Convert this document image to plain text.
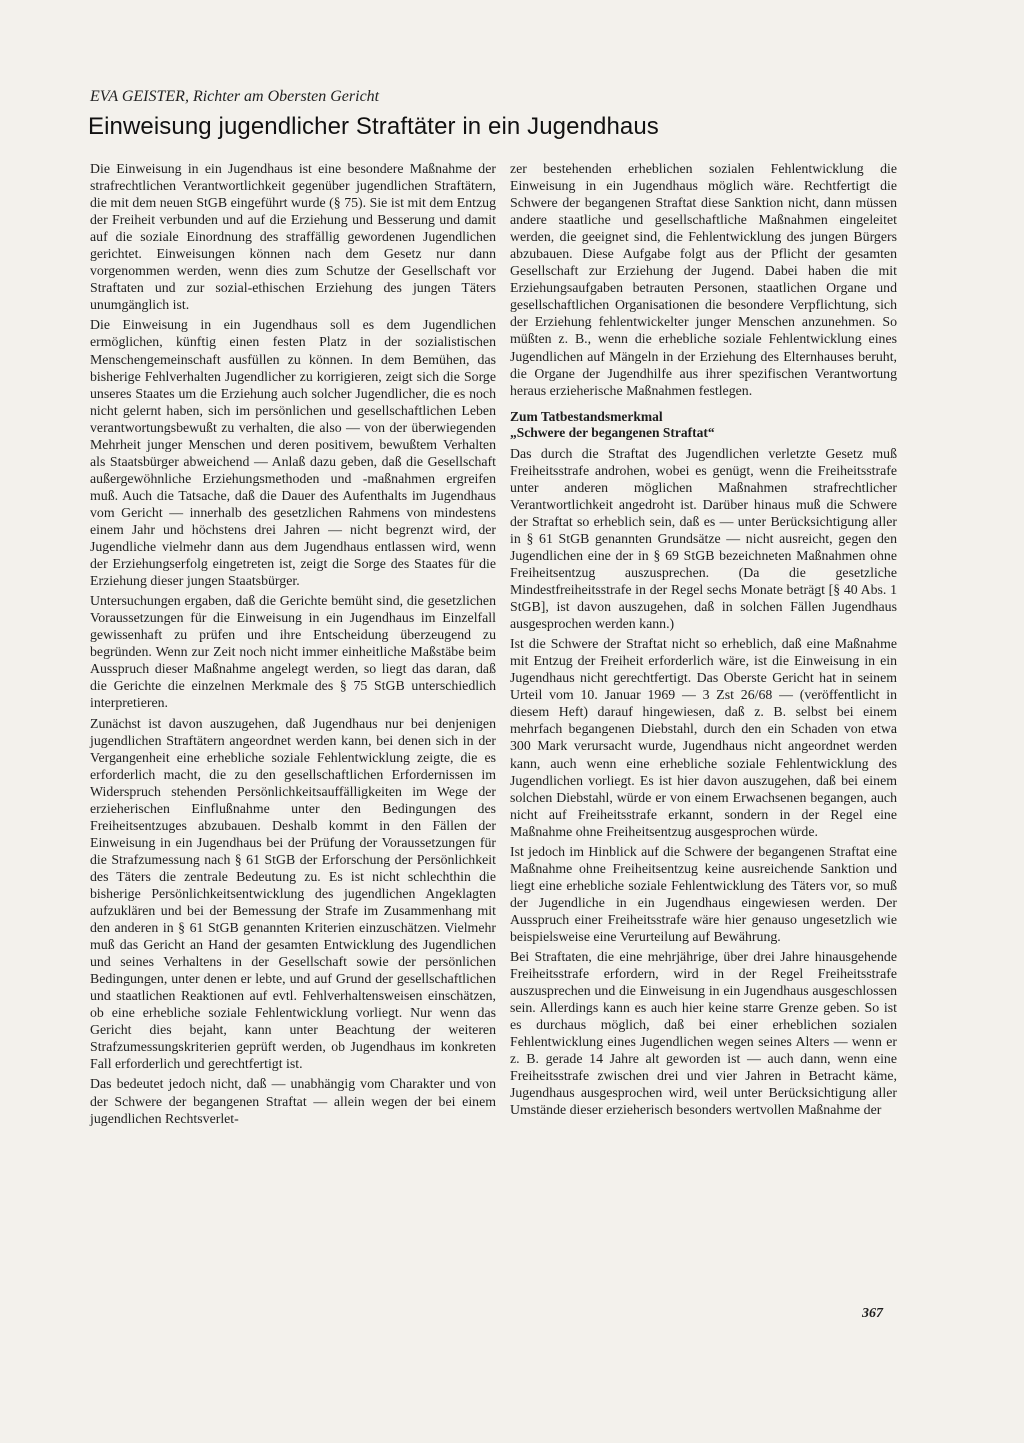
EVA GEISTER, Richter am Obersten Gericht
Einweisung jugendlicher Straftäter in ein Jugendhaus

Die Einweisung in ein Jugendhaus ist eine besondere Maßnahme der strafrechtlichen Verantwortlichkeit gegenüber jugendlichen Straftätern, die mit dem neuen StGB eingeführt wurde (§ 75). Sie ist mit dem Entzug der Freiheit verbunden und auf die Erziehung und Besserung und damit auf die soziale Einordnung des straffällig gewordenen Jugendlichen gerichtet. Einweisungen können nach dem Gesetz nur dann vorgenommen werden, wenn dies zum Schutze der Gesellschaft vor Straftaten und zur sozial-ethischen Erziehung des jungen Täters unumgänglich ist.

Die Einweisung in ein Jugendhaus soll es dem Jugendlichen ermöglichen, künftig einen festen Platz in der sozialistischen Menschengemeinschaft ausfüllen zu können. In dem Bemühen, das bisherige Fehlverhalten Jugendlicher zu korrigieren, zeigt sich die Sorge unseres Staates um die Erziehung auch solcher Jugendlicher, die es noch nicht gelernt haben, sich im persönlichen und gesellschaftlichen Leben verantwortungsbewußt zu verhalten, die also — von der überwiegenden Mehrheit junger Menschen und deren positivem, bewußtem Verhalten als Staatsbürger abweichend — Anlaß dazu geben, daß die Gesellschaft außergewöhnliche Erziehungsmethoden und -maßnahmen ergreifen muß. Auch die Tatsache, daß die Dauer des Aufenthalts im Jugendhaus vom Gericht — innerhalb des gesetzlichen Rahmens von mindestens einem Jahr und höchstens drei Jahren — nicht begrenzt wird, der Jugendliche vielmehr dann aus dem Jugendhaus entlassen wird, wenn der Erziehungserfolg eingetreten ist, zeigt die Sorge des Staates für die Erziehung dieser jungen Staatsbürger.

Untersuchungen ergaben, daß die Gerichte bemüht sind, die gesetzlichen Voraussetzungen für die Einweisung in ein Jugendhaus im Einzelfall gewissenhaft zu prüfen und ihre Entscheidung überzeugend zu begründen. Wenn zur Zeit noch nicht immer einheitliche Maßstäbe beim Ausspruch dieser Maßnahme angelegt werden, so liegt das daran, daß die Gerichte die einzelnen Merkmale des § 75 StGB unterschiedlich interpretieren.

Zunächst ist davon auszugehen, daß Jugendhaus nur bei denjenigen jugendlichen Straftätern angeordnet werden kann, bei denen sich in der Vergangenheit eine erhebliche soziale Fehlentwicklung zeigte, die es erforderlich macht, die zu den gesellschaftlichen Erfordernissen im Widerspruch stehenden Persönlichkeitsauffälligkeiten im Wege der erzieherischen Einflußnahme unter den Bedingungen des Freiheitsentzuges abzubauen. Deshalb kommt in den Fällen der Einweisung in ein Jugendhaus bei der Prüfung der Voraussetzungen für die Strafzumessung nach § 61 StGB der Erforschung der Persönlichkeit des Täters die zentrale Bedeutung zu. Es ist nicht schlechthin die bisherige Persönlichkeitsentwicklung des jugendlichen Angeklagten aufzuklären und bei der Bemessung der Strafe im Zusammenhang mit den anderen in § 61 StGB genannten Kriterien einzuschätzen. Vielmehr muß das Gericht an Hand der gesamten Entwicklung des Jugendlichen und seines Verhaltens in der Gesellschaft sowie der persönlichen Bedingungen, unter denen er lebte, und auf Grund der gesellschaftlichen und staatlichen Reaktionen auf evtl. Fehlverhaltensweisen einschätzen, ob eine erhebliche soziale Fehlentwicklung vorliegt. Nur wenn das Gericht dies bejaht, kann unter Beachtung der weiteren Strafzumessungskriterien geprüft werden, ob Jugendhaus im konkreten Fall erforderlich und gerechtfertigt ist.

Das bedeutet jedoch nicht, daß — unabhängig vom Charakter und von der Schwere der begangenen Straftat — allein wegen der bei einem jugendlichen Rechtsverlet-

zer bestehenden erheblichen sozialen Fehlentwicklung die Einweisung in ein Jugendhaus möglich wäre. Rechtfertigt die Schwere der begangenen Straftat diese Sanktion nicht, dann müssen andere staatliche und gesellschaftliche Maßnahmen eingeleitet werden, die geeignet sind, die Fehlentwicklung des jungen Bürgers abzubauen. Diese Aufgabe folgt aus der Pflicht der gesamten Gesellschaft zur Erziehung der Jugend. Dabei haben die mit Erziehungsaufgaben betrauten Personen, staatlichen Organe und gesellschaftlichen Organisationen die besondere Verpflichtung, sich der Erziehung fehlentwickelter junger Menschen anzunehmen. So müßten z. B., wenn die erhebliche soziale Fehlentwicklung eines Jugendlichen auf Mängeln in der Erziehung des Elternhauses beruht, die Organe der Jugendhilfe aus ihrer spezifischen Verantwortung heraus erzieherische Maßnahmen festlegen.

Zum Tatbestandsmerkmal
„Schwere der begangenen Straftat“

Das durch die Straftat des Jugendlichen verletzte Gesetz muß Freiheitsstrafe androhen, wobei es genügt, wenn die Freiheitsstrafe unter anderen möglichen Maßnahmen strafrechtlicher Verantwortlichkeit angedroht ist. Darüber hinaus muß die Schwere der Straftat so erheblich sein, daß es — unter Berücksichtigung aller in § 61 StGB genannten Grundsätze — nicht ausreicht, gegen den Jugendlichen eine der in § 69 StGB bezeichneten Maßnahmen ohne Freiheitsentzug auszusprechen. (Da die gesetzliche Mindestfreiheitsstrafe in der Regel sechs Monate beträgt [§ 40 Abs. 1 StGB], ist davon auszugehen, daß in solchen Fällen Jugendhaus ausgesprochen werden kann.)

Ist die Schwere der Straftat nicht so erheblich, daß eine Maßnahme mit Entzug der Freiheit erforderlich wäre, ist die Einweisung in ein Jugendhaus nicht gerechtfertigt. Das Oberste Gericht hat in seinem Urteil vom 10. Januar 1969 — 3 Zst 26/68 — (veröffentlicht in diesem Heft) darauf hingewiesen, daß z. B. selbst bei einem mehrfach begangenen Diebstahl, durch den ein Schaden von etwa 300 Mark verursacht wurde, Jugendhaus nicht angeordnet werden kann, auch wenn eine erhebliche soziale Fehlentwicklung des Jugendlichen vorliegt. Es ist hier davon auszugehen, daß bei einem solchen Diebstahl, würde er von einem Erwachsenen begangen, auch nicht auf Freiheitsstrafe erkannt, sondern in der Regel eine Maßnahme ohne Freiheitsentzug ausgesprochen würde.

Ist jedoch im Hinblick auf die Schwere der begangenen Straftat eine Maßnahme ohne Freiheitsentzug keine ausreichende Sanktion und liegt eine erhebliche soziale Fehlentwicklung des Täters vor, so muß der Jugendliche in ein Jugendhaus eingewiesen werden. Der Ausspruch einer Freiheitsstrafe wäre hier genauso ungesetzlich wie beispielsweise eine Verurteilung auf Bewährung.

Bei Straftaten, die eine mehrjährige, über drei Jahre hinausgehende Freiheitsstrafe erfordern, wird in der Regel Freiheitsstrafe auszusprechen und die Einweisung in ein Jugendhaus ausgeschlossen sein. Allerdings kann es auch hier keine starre Grenze geben. So ist es durchaus möglich, daß bei einer erheblichen sozialen Fehlentwicklung eines Jugendlichen wegen seines Alters — wenn er z. B. gerade 14 Jahre alt geworden ist — auch dann, wenn eine Freiheitsstrafe zwischen drei und vier Jahren in Betracht käme, Jugendhaus ausgesprochen wird, weil unter Berücksichtigung aller Umstände dieser erzieherisch besonders wertvollen Maßnahme der

367
